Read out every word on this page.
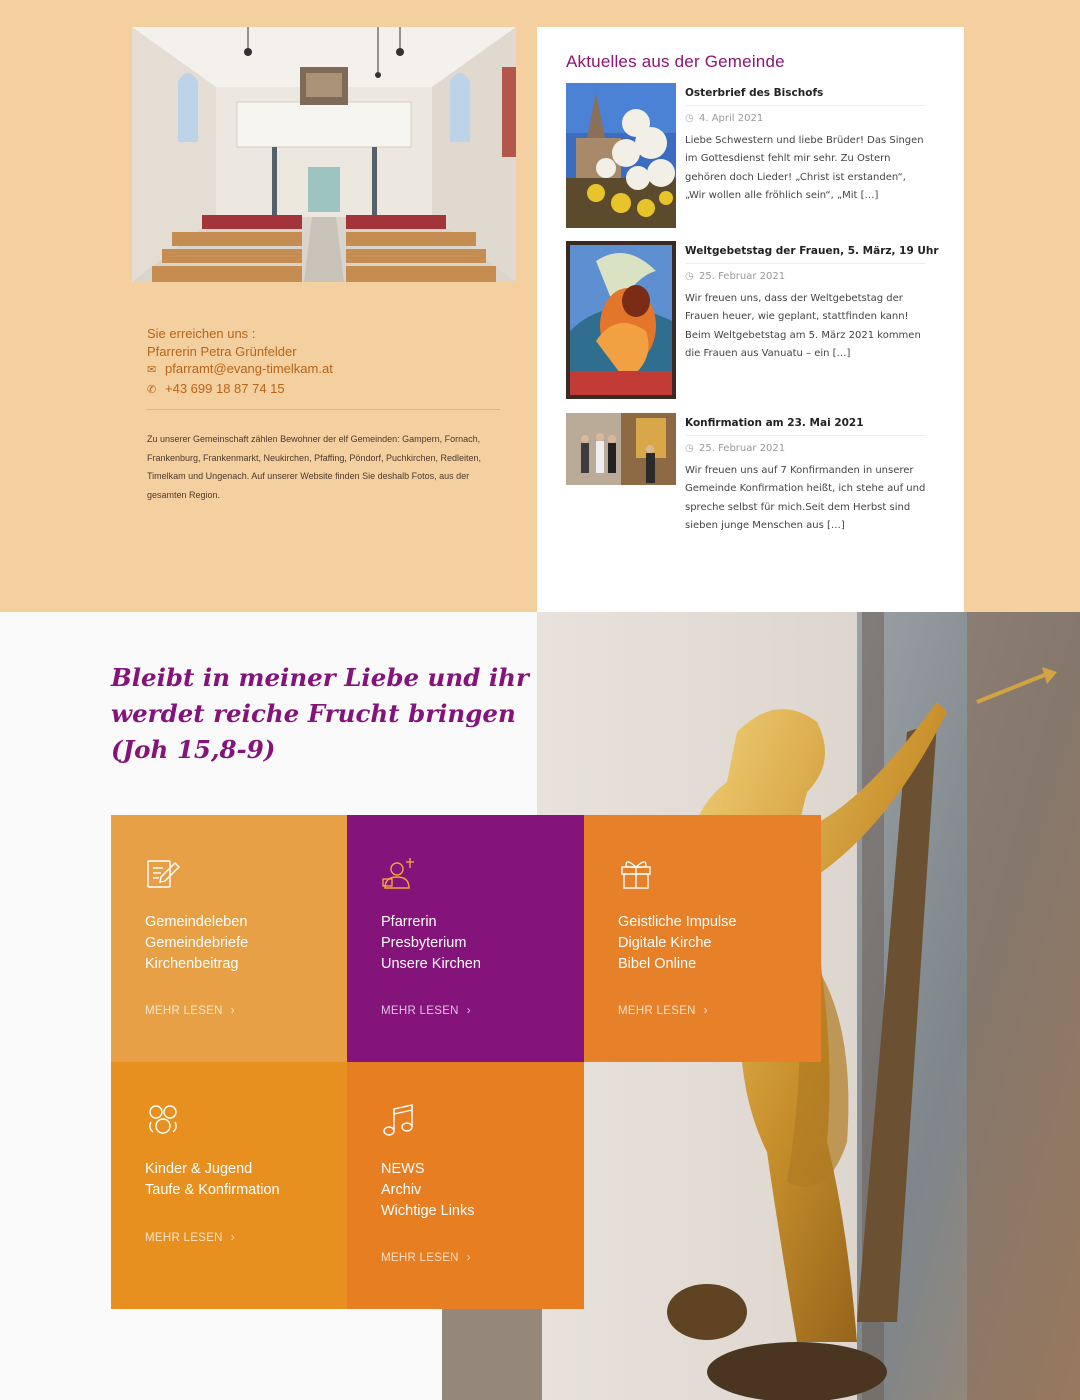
Sie erreichen uns :
Pfarrerin Petra Grünfelder
✉ pfarramt@evang-timelkam.at
✆ +43 699 18 87 74 15

Zu unserer Gemeinschaft zählen Bewohner der elf Gemeinden: Gampern, Fornach, Frankenburg, Frankenmarkt, Neukirchen, Pfaffing, Pöndorf, Puchkirchen, Redleiten, Timelkam und Ungenach. Auf unserer Website finden Sie deshalb Fotos, aus der gesamten Region.

Aktuelles aus der Gemeinde
Osterbrief des Bischofs
◷ 4. April 2021

Liebe Schwestern und liebe Brüder! Das Singen im Gottesdienst fehlt mir sehr. Zu Ostern gehören doch Lieder! „Christ ist erstanden“, „Wir wollen alle fröhlich sein“, „Mit […]

Weltgebetstag der Frauen, 5. März, 19 Uhr
◷ 25. Februar 2021

Wir freuen uns, dass der Weltgebetstag der Frauen heuer, wie geplant, stattfinden kann! Beim Weltgebetstag am 5. März 2021 kommen die Frauen aus Vanuatu – ein […]

Konfirmation am 23. Mai 2021
◷ 25. Februar 2021

Wir freuen uns auf 7 Konfirmanden in unserer Gemeinde Konfirmation heißt, ich stehe auf und spreche selbst für mich.Seit dem Herbst sind sieben junge Menschen aus […]

Bleibt in meiner Liebe und ihr werdet reiche Frucht bringen (Joh 15,8-9)
Gemeindeleben
Gemeindebriefe
Kirchenbeitrag
MEHR LESEN ›
Pfarrerin
Presbyterium
Unsere Kirchen
MEHR LESEN ›
Geistliche Impulse
Digitale Kirche
Bibel Online
MEHR LESEN ›
Kinder & Jugend
Taufe & Konfirmation
MEHR LESEN ›
NEWS
Archiv
Wichtige Links
MEHR LESEN ›
